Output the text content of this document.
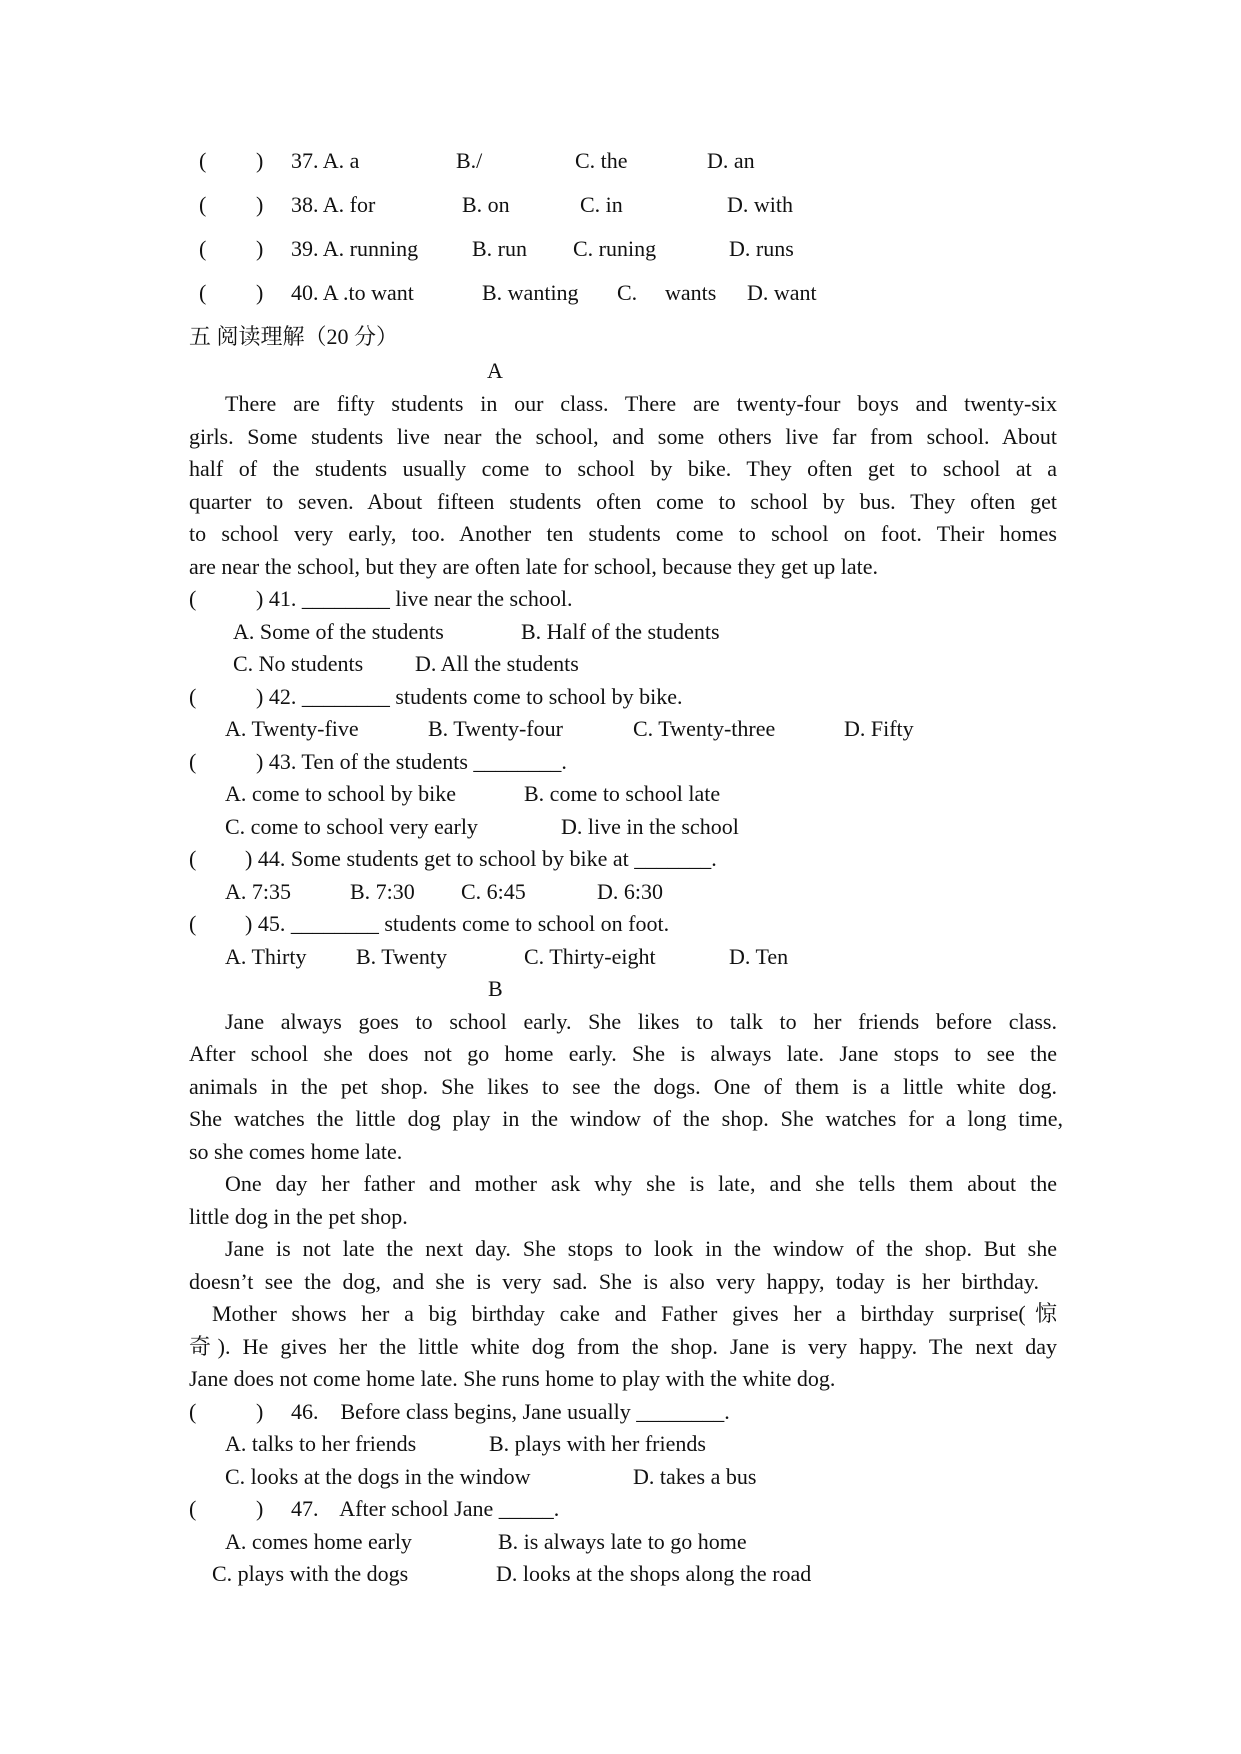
( ) 37. A. a	B./	C. the	D. an
( ) 38. A. for	B. on	C. in	D. with
( ) 39. A. running B. run C. runing	D. runs
( ) 40. A .to want	B. wanting C. wants D. want
五 阅读理解（20 分）
A
There are fifty students in our class. There are twenty-four boys and twenty-six
girls. Some students live near the school, and some others live far from school. About
half of the students usually come to school by bike. They often get to school at a
quarter to seven. About fifteen students often come to school by bus. They often get
to school very early, too. Another ten students come to school on foot. Their homes
are near the school, but they are often late for school, because they get up late.
(	) 41. ________ live near the school.
A. Some of the students	B. Half of the students
C. No students D. All the students
(	) 42. ________ students come to school by bike.
A. Twenty-five	B. Twenty-four	C. Twenty-three	D. Fifty
(	) 43. Ten of the students ________.
A. come to school by bike	B. come to school late
C. come to school very early	D. live in the school
( ) 44. Some students get to school by bike at _______.
A. 7:35	B. 7:30 C. 6:45	D. 6:30
( ) 45. ________ students come to school on foot.
A. Thirty B. Twenty	C. Thirty-eight	D. Ten
B
Jane always goes to school early. She likes to talk to her friends before class.
After school she does not go home early. She is always late. Jane stops to see the
animals in the pet shop. She likes to see the dogs. One of them is a little white dog.
She watches the little dog play in the window of the shop. She watches for a long time,
so she comes home late.
One day her father and mother ask why she is late, and she tells them about the
little dog in the pet shop.
Jane is not late the next day. She stops to look in the window of the shop. But she
doesn’t see the dog, and she is very sad. She is also very happy, today is her birthday.
Mother shows her a big birthday cake and Father gives her a birthday surprise(惊
奇). He gives her the little white dog from the shop. Jane is very happy. The next day
Jane does not come home late. She runs home to play with the white dog.
(	) 46.    Before class begins, Jane usually ________.
A. talks to her friends	B. plays with her friends
C. looks at the dogs in the window	D. takes a bus
(	) 47.    After school Jane _____.
A. comes home early	B. is always late to go home
C. plays with the dogs	D. looks at the shops along the road
